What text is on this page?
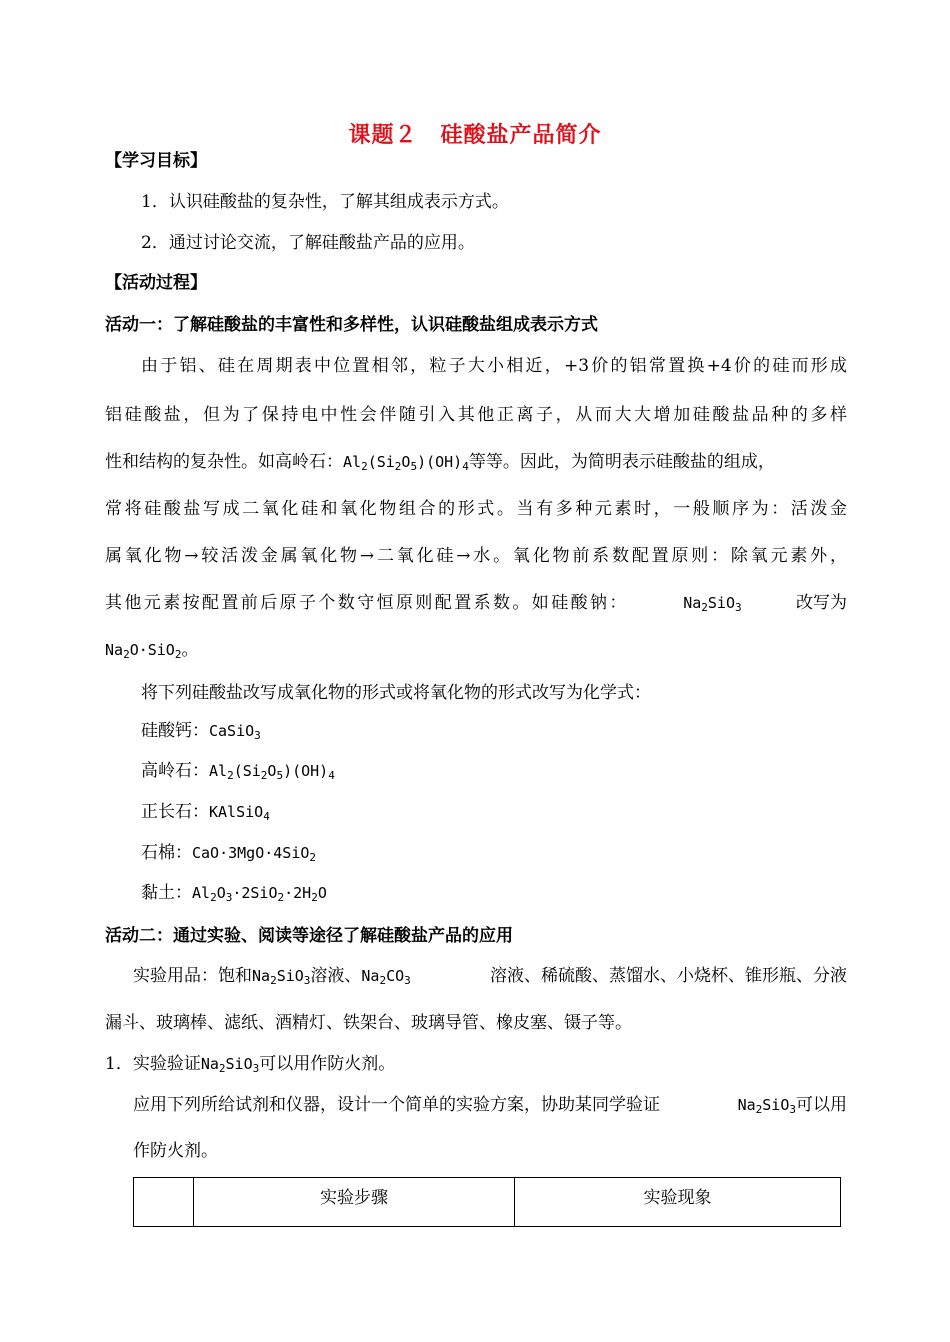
课题２　硅酸盐产品简介
【学习目标】
1．认识硅酸盐的复杂性，了解其组成表示方式。
2．通过讨论交流，了解硅酸盐产品的应用。
【活动过程】
活动一：了解硅酸盐的丰富性和多样性，认识硅酸盐组成表示方式
由于铝、硅在周期表中位置相邻，粒子大小相近，+3价的铝常置换+4价的硅而形成
铝硅酸盐，但为了保持电中性会伴随引入其他正离子，从而大大增加硅酸盐品种的多样
性和结构的复杂性。如高岭石：$Al_2(Si_2O_5)(OH)_4$等等。因此，为简明表示硅酸盐的组成，
常将硅酸盐写成二氧化硅和氧化物组合的形式。当有多种元素时，一般顺序为：活泼金
属氧化物→较活泼金属氧化物→二氧化硅→水。氧化物前系数配置原则：除氧元素外，
其他元素按配置前后原子个数守恒原则配置系数。如硅酸钠：	$Na_2SiO_3$	改写为
$Na_2O\cdot SiO_2$。
将下列硅酸盐改写成氧化物的形式或将氧化物的形式改写为化学式：
硅酸钙：CaSiO$_3$
高岭石：$Al_2(Si_2O_5)(OH)_4$
正长石：KAlSiO$_4$
石棉：CaO·3MgO·4SiO$_2$
黏土：$Al_2O_3\cdot 2SiO_2\cdot 2H_2O$
活动二：通过实验、阅读等途径了解硅酸盐产品的应用
实验用品：饱和$Na_2SiO_3$溶液、$Na_2CO_3$	溶液、稀硫酸、蒸馏水、小烧杯、锥形瓶、分液
漏斗、玻璃棒、滤纸、酒精灯、铁架台、玻璃导管、橡皮塞、镊子等。
1．实验验证$Na_2SiO_3$可以用作防火剂。
应用下列所给试剂和仪器，设计一个简单的实验方案，协助某同学验证	$Na_2SiO_3$可以用
作防火剂。
	实验步骤	实验现象
